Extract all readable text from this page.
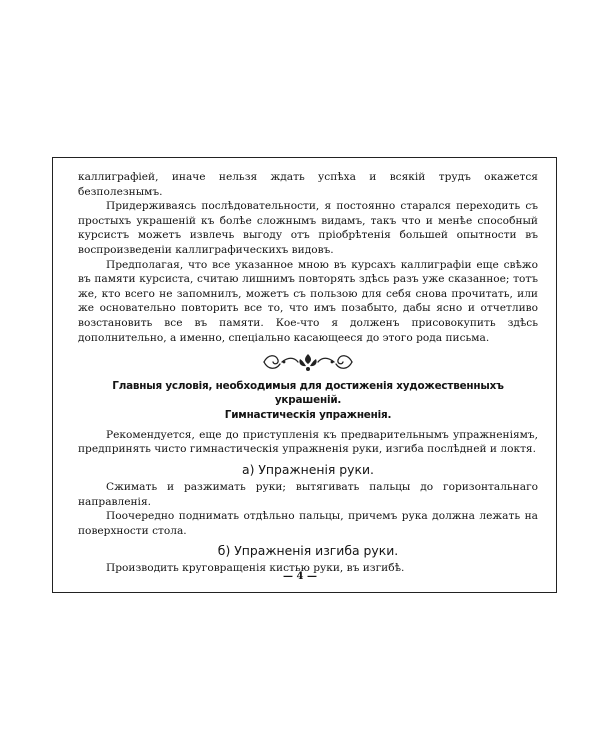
каллиграфiей, иначе нельзя ждать успѣха и всякiй трудъ окажется безполезнымъ.

Придерживаясь послѣдовательности, я постоянно старался переходить съ простыхъ украшенiй къ болѣе сложнымъ видамъ, такъ что и менѣе способный курсистъ можетъ извлечь выгоду отъ прiобрѣтенiя большей опытности въ воспроизведенiи каллиграфическихъ видовъ.

Предполагая, что все указанное мною въ курсахъ каллиграфiи еще свѣжо въ памяти курсиста, считаю лишнимъ повторять здѣсь разъ уже сказанное; тотъ же, кто всего не запомнилъ, можетъ съ пользою для себя снова прочитать, или же основательно повторить все то, что имъ позабыто, дабы ясно и отчетливо возстановить все въ памяти. Кое-что я долженъ присовокупить здѣсь дополнительно, а именно, спецiально касающееся до этого рода письма.

Главныя условiя, необходимыя для достиженiя художественныхъ украшенiй.
Гимнастическiя упражненiя.

Рекомендуется, еще до приступленiя къ предварительнымъ упражненiямъ, предпринять чисто гимнастическiя упражненiя руки, изгиба послѣдней и локтя.

а) Упражненiя руки.

Сжимать и разжимать руки; вытягивать пальцы до горизонтальнаго направленiя.

Поочередно поднимать отдѣльно пальцы, причемъ рука должна лежать на поверхности стола.

б) Упражненiя изгиба руки.

Производить круговращенiя кистью руки, въ изгибѣ.

— 4 —
